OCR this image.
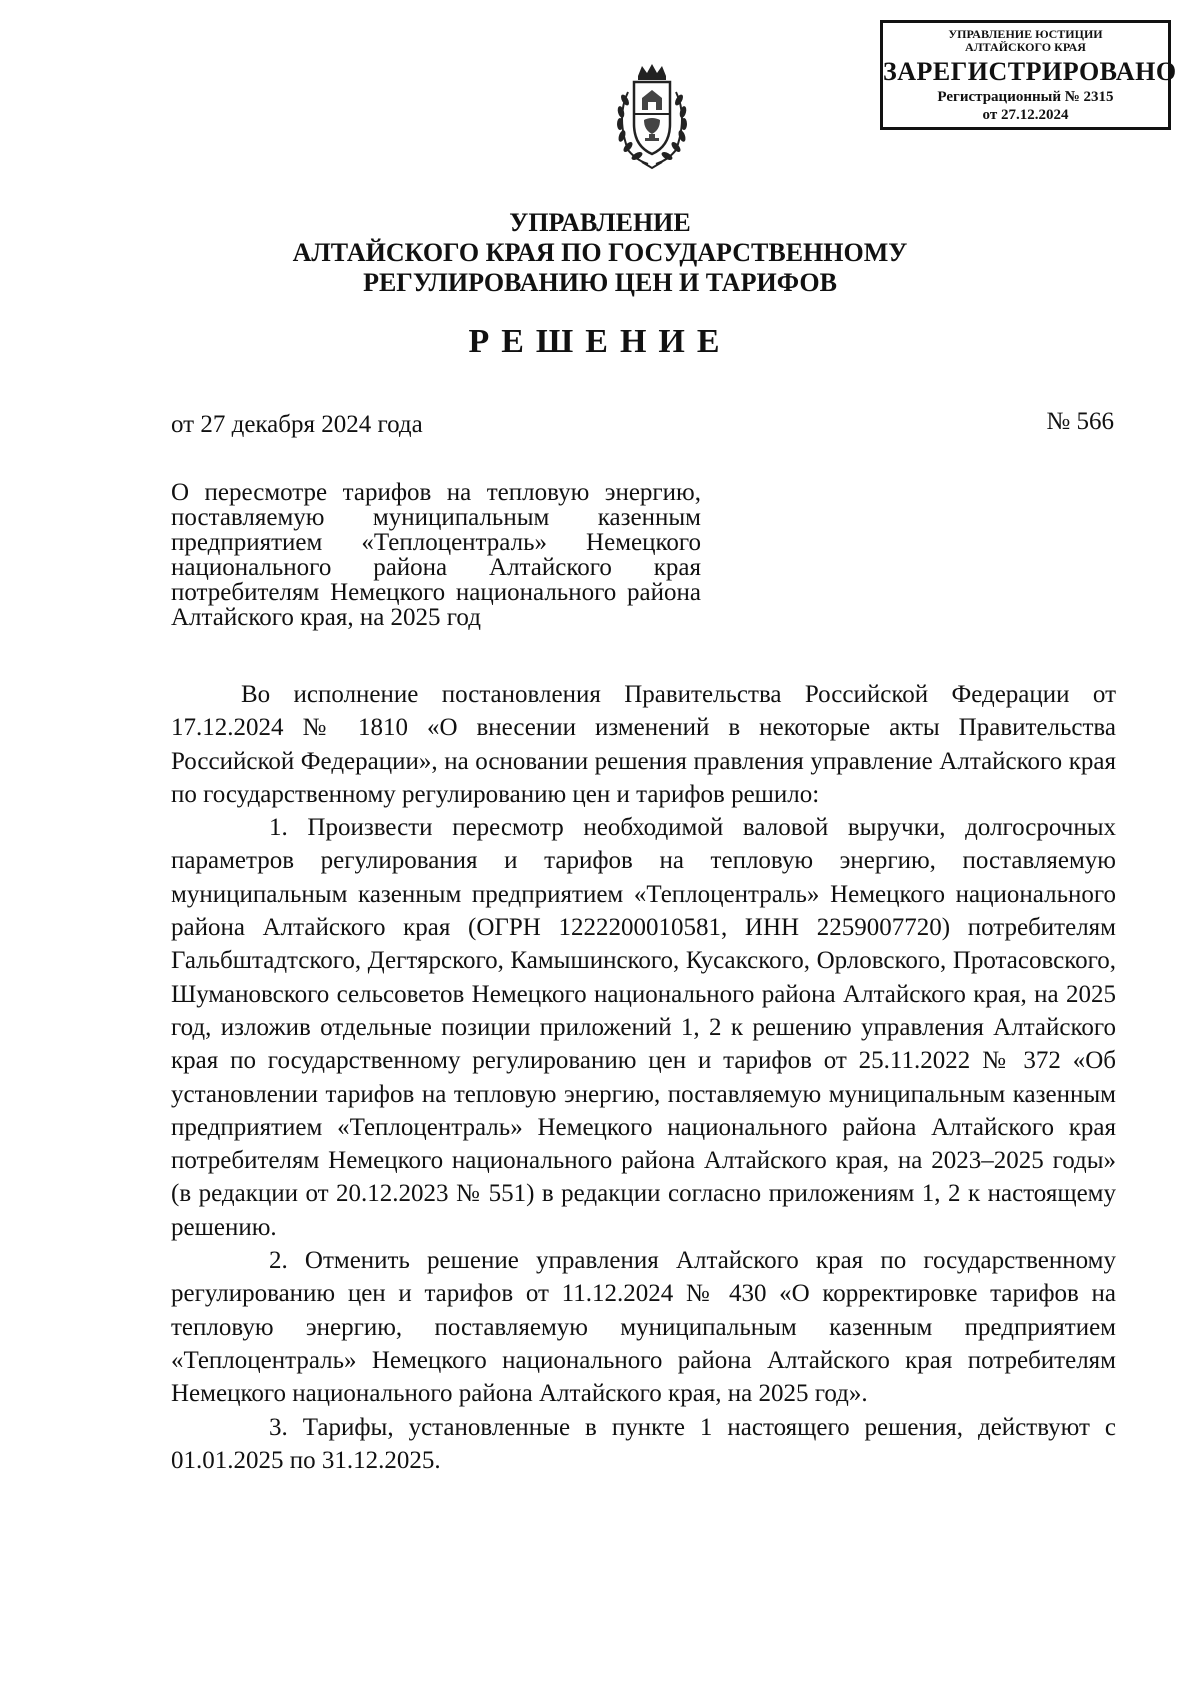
УПРАВЛЕНИЕ ЮСТИЦИИ
АЛТАЙСКОГО КРАЯ
ЗАРЕГИСТРИРОВАНО
Регистрационный № 2315
от 27.12.2024
УПРАВЛЕНИЕ
АЛТАЙСКОГО КРАЯ ПО ГОСУДАРСТВЕННОМУ
РЕГУЛИРОВАНИЮ ЦЕН И ТАРИФОВ
РЕШЕНИЕ
от 27 декабря 2024 года	№ 566
О пересмотре тарифов на тепловую энергию, поставляемую муниципальным казенным предприятием «Теплоцентраль» Немецкого национального района Алтайского края потребителям Немецкого национального района Алтайского края, на 2025 год

Во исполнение постановления Правительства Российской Федерации от 17.12.2024 № 1810 «О внесении изменений в некоторые акты Правительства Российской Федерации», на основании решения правления управление Алтайского края по государственному регулированию цен и тарифов решило:

1. Произвести пересмотр необходимой валовой выручки, долгосрочных параметров регулирования и тарифов на тепловую энергию, поставляемую муниципальным казенным предприятием «Теплоцентраль» Немецкого национального района Алтайского края (ОГРН 1222200010581, ИНН 2259007720) потребителям Гальбштадтского, Дегтярского, Камышинского, Кусакского, Орловского, Протасовского, Шумановского сельсоветов Немецкого национального района Алтайского края, на 2025 год, изложив отдельные позиции приложений 1, 2 к решению управления Алтайского края по государственному регулированию цен и тарифов от 25.11.2022 № 372 «Об установлении тарифов на тепловую энергию, поставляемую муниципальным казенным предприятием «Теплоцентраль» Немецкого национального района Алтайского края потребителям Немецкого национального района Алтайского края, на 2023–2025 годы» (в редакции от 20.12.2023 № 551) в редакции согласно приложениям 1, 2 к настоящему решению.

2. Отменить решение управления Алтайского края по государственному регулированию цен и тарифов от 11.12.2024 № 430 «О корректировке тарифов на тепловую энергию, поставляемую муниципальным казенным предприятием «Теплоцентраль» Немецкого национального района Алтайского края потребителям Немецкого национального района Алтайского края, на 2025 год».

3. Тарифы, установленные в пункте 1 настоящего решения, действуют с 01.01.2025 по 31.12.2025.
